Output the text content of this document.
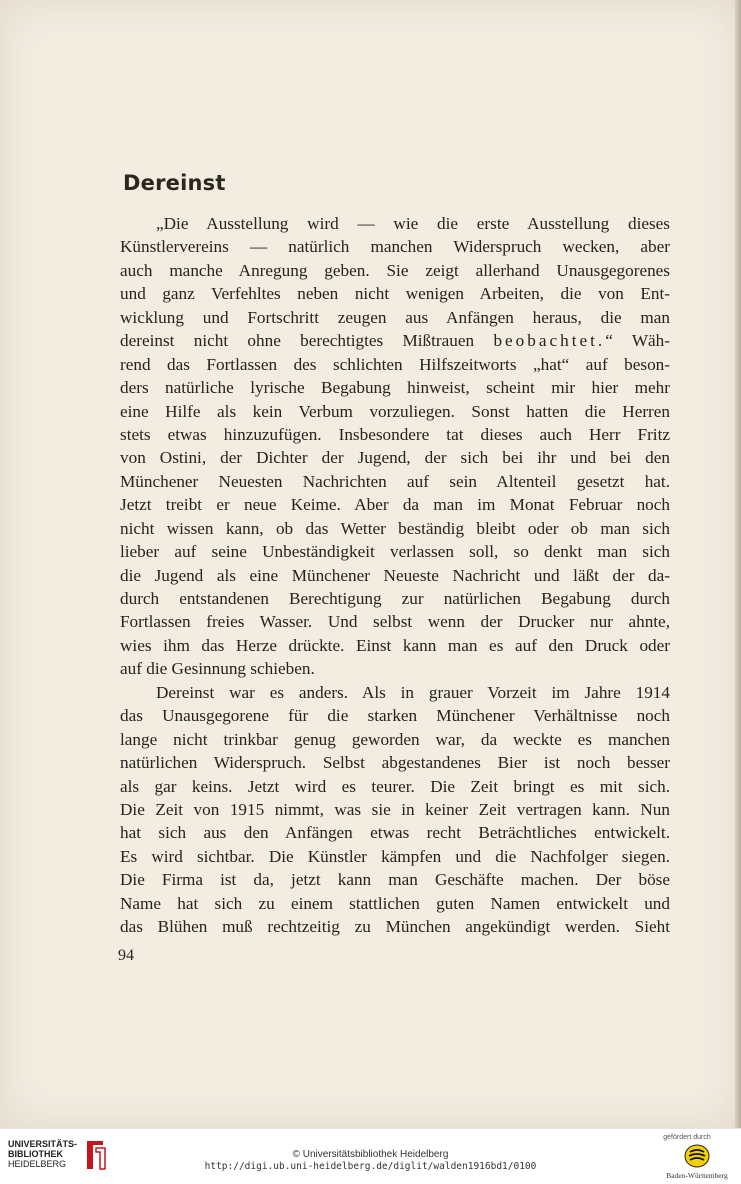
Dereinst
„Die Ausstellung wird — wie die erste Ausstellung dieses
Künstlervereins — natürlich manchen Widerspruch wecken, aber
auch manche Anregung geben. Sie zeigt allerhand Unausgegorenes
und ganz Verfehltes neben nicht wenigen Arbeiten, die von Ent-
wicklung und Fortschritt zeugen aus Anfängen heraus, die man
dereinst nicht ohne berechtigtes Mißtrauen beobachtet.“ Wäh-
rend das Fortlassen des schlichten Hilfszeitworts „hat“ auf beson-
ders natürliche lyrische Begabung hinweist, scheint mir hier mehr
eine Hilfe als kein Verbum vorzuliegen. Sonst hatten die Herren
stets etwas hinzuzufügen. Insbesondere tat dieses auch Herr Fritz
von Ostini, der Dichter der Jugend, der sich bei ihr und bei den
Münchener Neuesten Nachrichten auf sein Altenteil gesetzt hat.
Jetzt treibt er neue Keime. Aber da man im Monat Februar noch
nicht wissen kann, ob das Wetter beständig bleibt oder ob man sich
lieber auf seine Unbeständigkeit verlassen soll, so denkt man sich
die Jugend als eine Münchener Neueste Nachricht und läßt der da-
durch entstandenen Berechtigung zur natürlichen Begabung durch
Fortlassen freies Wasser. Und selbst wenn der Drucker nur ahnte,
wies ihm das Herze drückte. Einst kann man es auf den Druck oder
auf die Gesinnung schieben.
Dereinst war es anders. Als in grauer Vorzeit im Jahre 1914
das Unausgegorene für die starken Münchener Verhältnisse noch
lange nicht trinkbar genug geworden war, da weckte es manchen
natürlichen Widerspruch. Selbst abgestandenes Bier ist noch besser
als gar keins. Jetzt wird es teurer. Die Zeit bringt es mit sich.
Die Zeit von 1915 nimmt, was sie in keiner Zeit vertragen kann. Nun
hat sich aus den Anfängen etwas recht Beträchtliches entwickelt.
Es wird sichtbar. Die Künstler kämpfen und die Nachfolger siegen.
Die Firma ist da, jetzt kann man Geschäfte machen. Der böse
Name hat sich zu einem stattlichen guten Namen entwickelt und
das Blühen muß rechtzeitig zu München angekündigt werden. Sieht
94
UNIVERSITÄTS-
BIBLIOTHEK
HEIDELBERG
© Universitätsbibliothek Heidelberg
http://digi.ub.uni-heidelberg.de/diglit/walden1916bd1/0100
gefördert durch
Baden-Württemberg
